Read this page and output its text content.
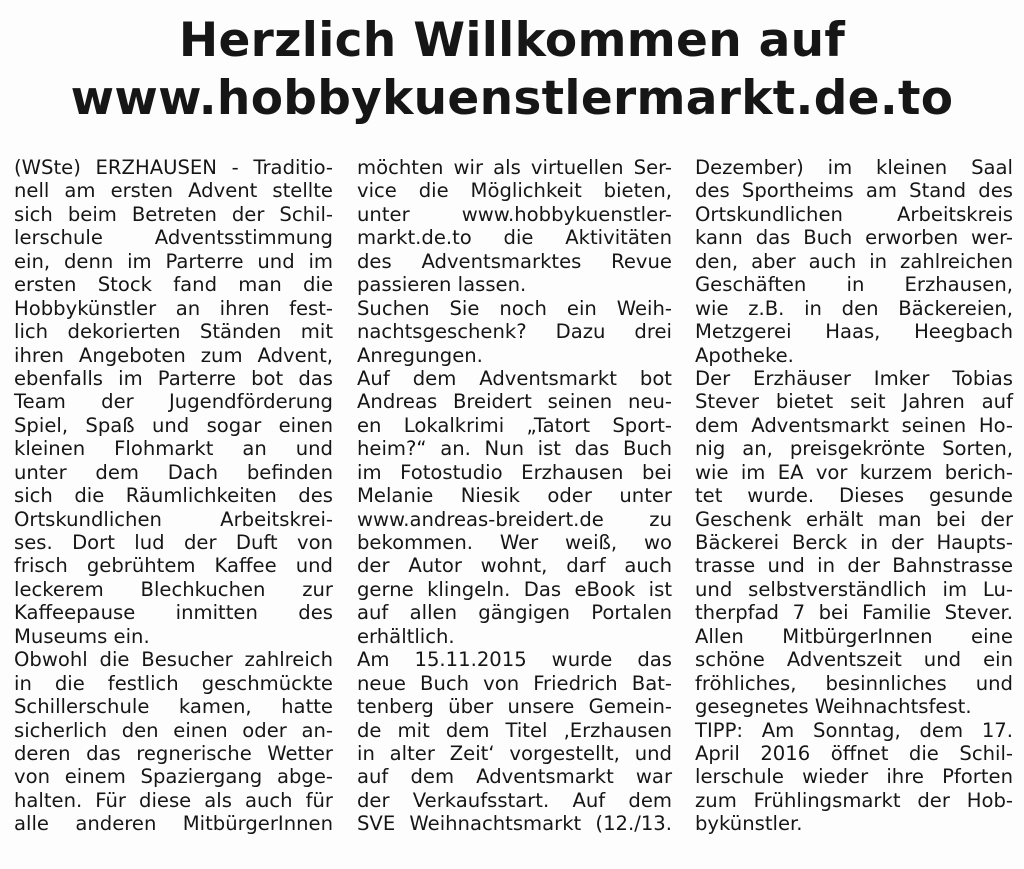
Herzlich Willkommen auf
www.hobbykuenstlermarkt.de.to
(WSte) ERZHAUSEN - Traditio-
nell am ersten Advent stellte
sich beim Betreten der Schil-
lerschule Adventsstimmung
ein, denn im Parterre und im
ersten Stock fand man die
Hobbykünstler an ihren fest-
lich dekorierten Ständen mit
ihren Angeboten zum Advent,
ebenfalls im Parterre bot das
Team der Jugendförderung
Spiel, Spaß und sogar einen
kleinen Flohmarkt an und
unter dem Dach befinden
sich die Räumlichkeiten des
Ortskundlichen Arbeitskrei-
ses. Dort lud der Duft von
frisch gebrühtem Kaffee und
leckerem Blechkuchen zur
Kaffeepause inmitten des
Museums ein.
Obwohl die Besucher zahlreich
in die festlich geschmückte
Schillerschule kamen, hatte
sicherlich den einen oder an-
deren das regnerische Wetter
von einem Spaziergang abge-
halten. Für diese als auch für
alle anderen MitbürgerInnen
möchten wir als virtuellen Ser-
vice die Möglichkeit bieten,
unter www.hobbykuenstler-
markt.de.to die Aktivitäten
des Adventsmarktes Revue
passieren lassen.
Suchen Sie noch ein Weih-
nachtsgeschenk? Dazu drei
Anregungen.
Auf dem Adventsmarkt bot
Andreas Breidert seinen neu-
en Lokalkrimi „Tatort Sport-
heim?“ an. Nun ist das Buch
im Fotostudio Erzhausen bei
Melanie Niesik oder unter
www.andreas-breidert.de zu
bekommen. Wer weiß, wo
der Autor wohnt, darf auch
gerne klingeln. Das eBook ist
auf allen gängigen Portalen
erhältlich.
Am 15.11.2015 wurde das
neue Buch von Friedrich Bat-
tenberg über unsere Gemein-
de mit dem Titel ‚Erzhausen
in alter Zeit‘ vorgestellt, und
auf dem Adventsmarkt war
der Verkaufsstart. Auf dem
SVE Weihnachtsmarkt (12./13.
Dezember) im kleinen Saal
des Sportheims am Stand des
Ortskundlichen Arbeitskreis
kann das Buch erworben wer-
den, aber auch in zahlreichen
Geschäften in Erzhausen,
wie z.B. in den Bäckereien,
Metzgerei Haas, Heegbach
Apotheke.
Der Erzhäuser Imker Tobias
Stever bietet seit Jahren auf
dem Adventsmarkt seinen Ho-
nig an, preisgekrönte Sorten,
wie im EA vor kurzem berich-
tet wurde. Dieses gesunde
Geschenk erhält man bei der
Bäckerei Berck in der Haupts-
trasse und in der Bahnstrasse
und selbstverständlich im Lu-
therpfad 7 bei Familie Stever.
Allen MitbürgerInnen eine
schöne Adventszeit und ein
fröhliches, besinnliches und
gesegnetes Weihnachtsfest.
TIPP: Am Sonntag, dem 17.
April 2016 öffnet die Schil-
lerschule wieder ihre Pforten
zum Frühlingsmarkt der Hob-
bykünstler.
